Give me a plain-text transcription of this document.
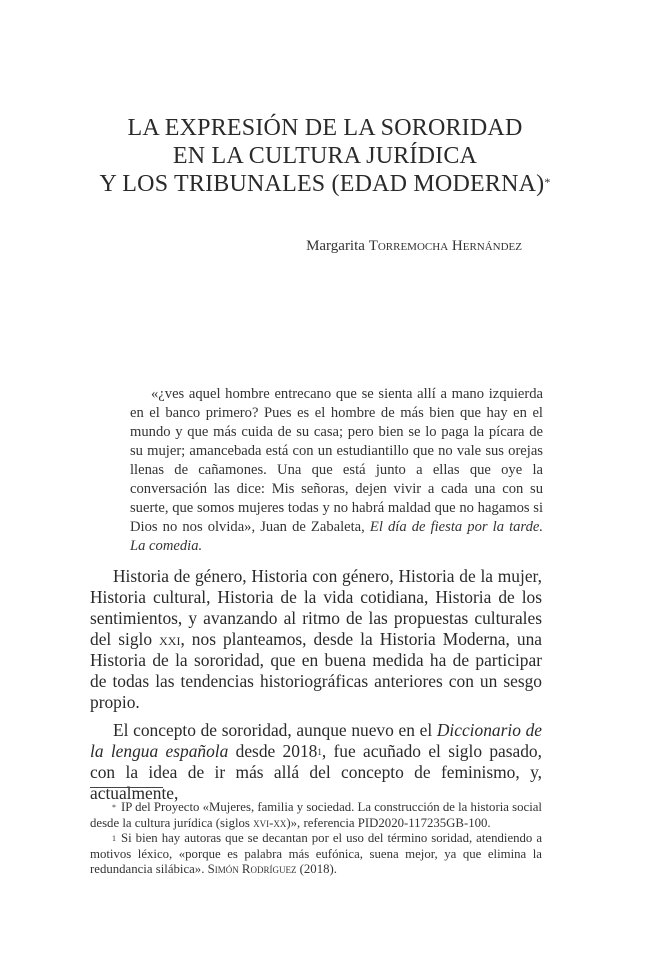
LA EXPRESIÓN DE LA SORORIDAD
EN LA CULTURA JURÍDICA
Y LOS TRIBUNALES (EDAD MODERNA)*
Margarita Torremocha Hernández
«¿ves aquel hombre entrecano que se sienta allí a mano izquierda en el banco primero? Pues es el hombre de más bien que hay en el mundo y que más cuida de su casa; pero bien se lo paga la pícara de su mujer; amancebada está con un estudiantillo que no vale sus orejas llenas de cañamones. Una que está junto a ellas que oye la conversación las dice: Mis señoras, dejen vivir a cada una con su suerte, que somos mujeres todas y no habrá maldad que no hagamos si Dios no nos olvida», Juan de Zabaleta, El día de fiesta por la tarde. La comedia.

Historia de género, Historia con género, Historia de la mujer, Historia cultural, Historia de la vida cotidiana, Historia de los sentimientos, y avanzando al ritmo de las propuestas culturales del siglo xxi, nos planteamos, desde la Historia Moderna, una Historia de la sororidad, que en buena medida ha de participar de todas las tendencias historiográficas anteriores con un sesgo propio.

El concepto de sororidad, aunque nuevo en el Diccionario de la lengua española desde 2018$^1$, fue acuñado el siglo pasado, con la idea de ir más allá del concepto de feminismo, y, actualmente,

* IP del Proyecto «Mujeres, familia y sociedad. La construcción de la historia social desde la cultura jurídica (siglos xvi-xx)», referencia PID2020-117235GB-100.

$^1$ Si bien hay autoras que se decantan por el uso del término soridad, atendiendo a motivos léxico, «porque es palabra más eufónica, suena mejor, ya que elimina la redundancia silábica». Simón Rodríguez (2018).
